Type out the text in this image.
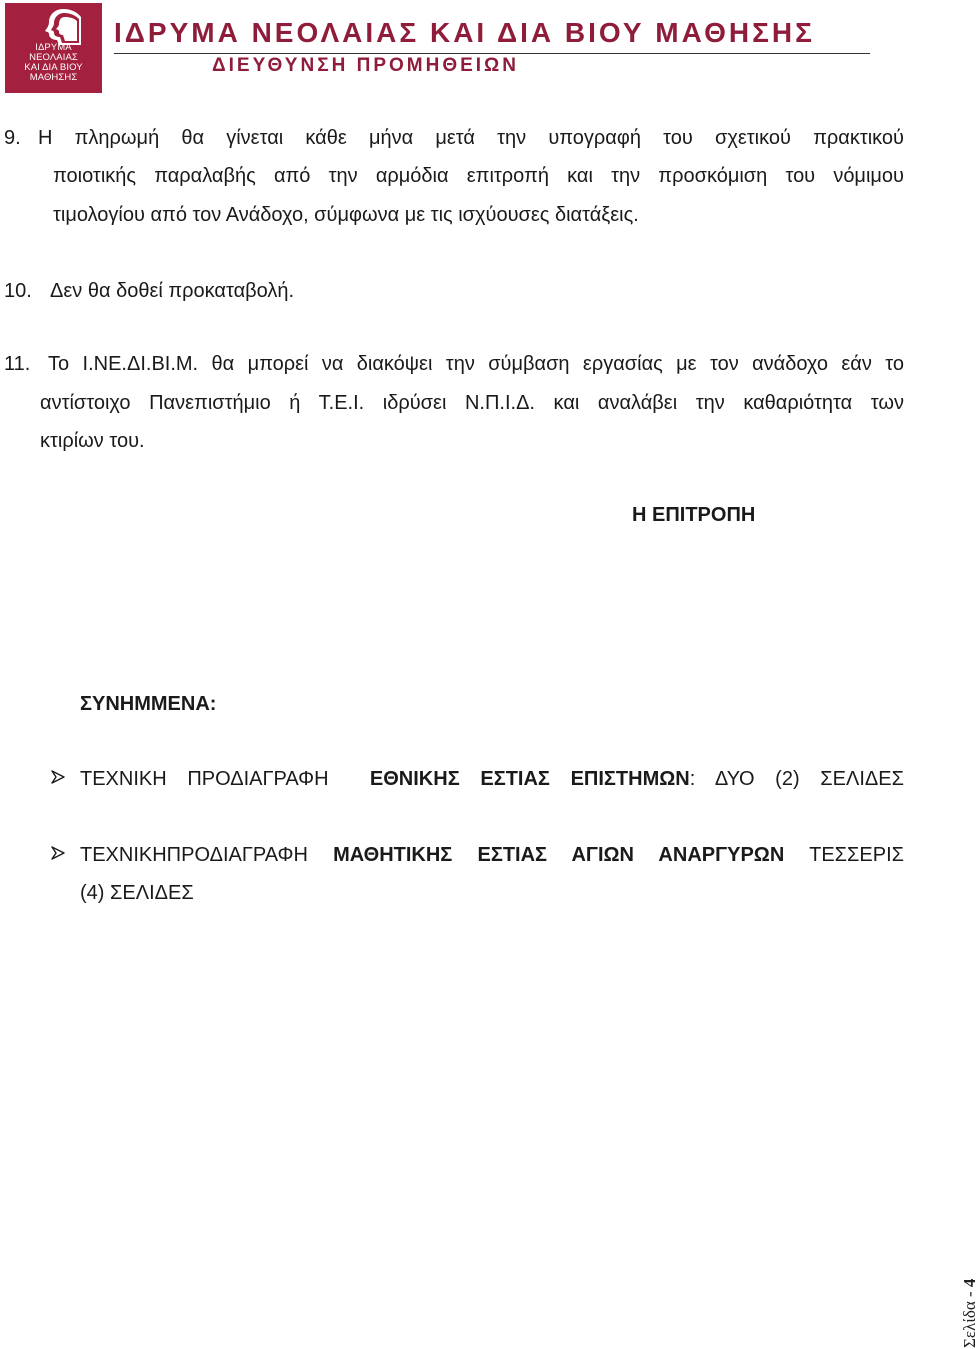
ΙΔΡΥΜΑ
ΝΕΟΛΑΙΑΣ
ΚΑΙ ΔΙΑ ΒΙΟΥ
ΜΑΘΗΣΗΣ
ΙΔΡΥΜΑ ΝΕΟΛΑΙΑΣ ΚΑΙ ΔΙΑ ΒΙΟΥ ΜΑΘΗΣΗΣ
ΔΙΕΥΘΥΝΣΗ ΠΡΟΜΗΘΕΙΩΝ
9. Η πληρωμή θα γίνεται κάθε μήνα μετά την υπογραφή του σχετικού πρακτικού
ποιοτικής παραλαβής από την αρμόδια επιτροπή και την προσκόμιση του νόμιμου
τιμολογίου από τον Ανάδοχο, σύμφωνα με τις ισχύουσες διατάξεις.
10. Δεν θα δοθεί προκαταβολή.
11. Το Ι.ΝΕ.ΔΙ.ΒΙ.Μ. θα μπορεί να διακόψει την σύμβαση εργασίας με τον ανάδοχο εάν το
αντίστοιχο Πανεπιστήμιο ή Τ.Ε.Ι. ιδρύσει Ν.Π.Ι.Δ. και αναλάβει την καθαριότητα των
κτιρίων του.
Η ΕΠΙΤΡΟΠΗ
ΣΥΝΗΜΜΕΝΑ:
ΤΕΧΝΙΚΗ ΠΡΟΔΙΑΓΡΑΦΗ ΕΘΝΙΚΗΣ ΕΣΤΙΑΣ ΕΠΙΣΤΗΜΩΝ: ΔΥΟ (2) ΣΕΛΙΔΕΣ
ΤΕΧΝΙΚΗΠΡΟΔΙΑΓΡΑΦΗ ΜΑΘΗΤΙΚΗΣ ΕΣΤΙΑΣ ΑΓΙΩΝ ΑΝΑΡΓΥΡΩΝ ΤΕΣΣΕΡΙΣ
(4) ΣΕΛΙΔΕΣ
Σελίδα - 4
